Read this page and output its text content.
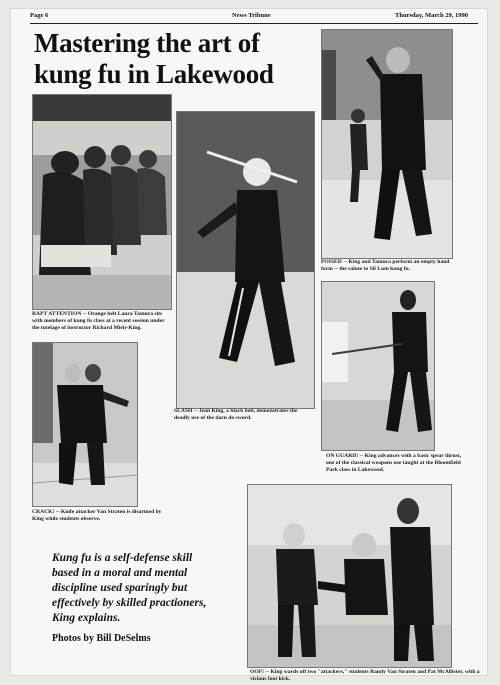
Page 6	News Tribune	Thursday, March 29, 1990
Mastering the art of
kung fu in Lakewood
RAPT ATTENTION -- Orange belt Laura Tamura sits with members of kung fu class at a recent session under the tutelage of instructor Richard Mieir-King.
SLASH -- Jean King, a black belt, demonstrates the deadly use of the darn do sword.
POISED -- King and Tamura perform an empty hand form -- the salute to Sil Lum kung fu.
ON GUARD! -- King advances with a basic spear thrust, one of the classical weapons use taught at the Bloomfield Park class in Lakewood.
CRACK! -- Knife attacker Van Straten is disarmed by King while students observe.
Kung fu is a self-defense skill based in a moral and mental discipline used sparingly but effectively by skilled practioners, King explains.
Photos by Bill DeSelms
OOF! -- King wards off two "attackers," students Randy Van Straten and Pat McAllister, with a vicious foot kick.
